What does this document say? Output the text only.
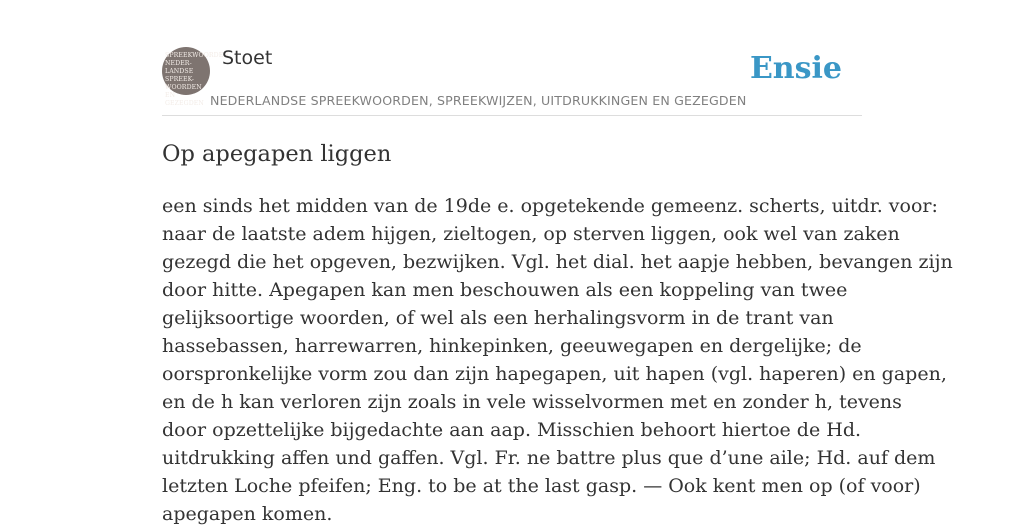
SPREEKWOORDEN
NEDER-
LANDSE
SPREEK-
WOORDEN EN
GEZEGDEN
Stoet
NEDERLANDSE SPREEKWOORDEN, SPREEKWIJZEN, UITDRUKKINGEN EN GEZEGDEN
Ensie
Op apegapen liggen
een sinds het midden van de 19de e. opgetekende gemeenz. scherts, uitdr. voor:
naar de laatste adem hijgen, zieltogen, op sterven liggen, ook wel van zaken
gezegd die het opgeven, bezwijken. Vgl. het dial. het aapje hebben, bevangen zijn
door hitte. Apegapen kan men beschouwen als een koppeling van twee
gelijksoortige woorden, of wel als een herhalingsvorm in de trant van
hassebassen, harrewarren, hinkepinken, geeuwegapen en dergelijke; de
oorspronkelijke vorm zou dan zijn hapegapen, uit hapen (vgl. haperen) en gapen,
en de h kan verloren zijn zoals in vele wisselvormen met en zonder h, tevens
door opzettelijke bijgedachte aan aap. Misschien behoort hiertoe de Hd.
uitdrukking affen und gaffen. Vgl. Fr. ne battre plus que d’une aile; Hd. auf dem
letzten Loche pfeifen; Eng. to be at the last gasp. — Ook kent men op (of voor)
apegapen komen.
